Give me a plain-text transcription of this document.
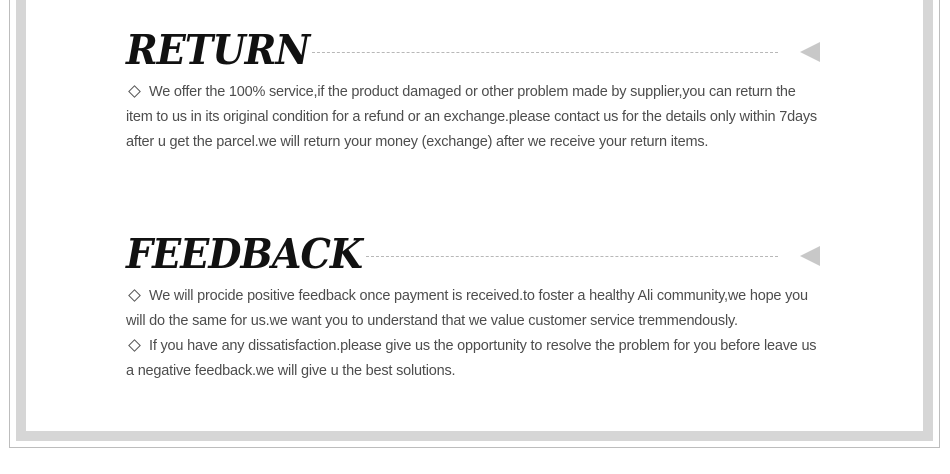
RETURN

We offer the 100% service,if the product damaged or other problem made by supplier,you can return the item to us in its original condition for a refund or an exchange.please contact us for the details only within 7days after u get the parcel.we will return your money (exchange) after we receive your return items.

FEEDBACK

We will procide positive feedback once payment is received.to foster a healthy Ali community,we hope you will do the same for us.we want you to understand that we value customer service tremmendously.

If you have any dissatisfaction.please give us the opportunity to resolve the problem for you before leave us a negative feedback.we will give u the best solutions.
